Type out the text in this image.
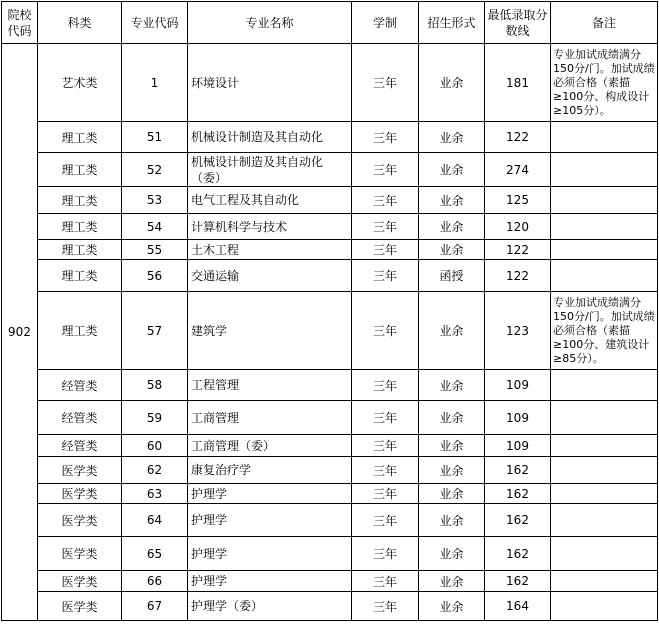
院校代码	科类	专业代码	专业名称	学制	招生形式	最低录取分数线	备注
902	艺术类	1	环境设计	三年	业余	181	专业加试成绩满分150分/门。加试成绩必须合格（素描≥100分、构成设计≥105分）。
	理工类	51	机械设计制造及其自动化	三年	业余	122	
	理工类	52	机械设计制造及其自动化（委）	三年	业余	274	
	理工类	53	电气工程及其自动化	三年	业余	125	
	理工类	54	计算机科学与技术	三年	业余	120	
	理工类	55	土木工程	三年	业余	122	
	理工类	56	交通运输	三年	函授	122	
	理工类	57	建筑学	三年	业余	123	专业加试成绩满分150分/门。加试成绩必须合格（素描≥100分、建筑设计≥85分）。
	经管类	58	工程管理	三年	业余	109	
	经管类	59	工商管理	三年	业余	109	
	经管类	60	工商管理（委）	三年	业余	109	
	医学类	62	康复治疗学	三年	业余	162	
	医学类	63	护理学	三年	业余	162	
	医学类	64	护理学	三年	业余	162	
	医学类	65	护理学	三年	业余	162	
	医学类	66	护理学	三年	业余	162	
	医学类	67	护理学（委）	三年	业余	164	
